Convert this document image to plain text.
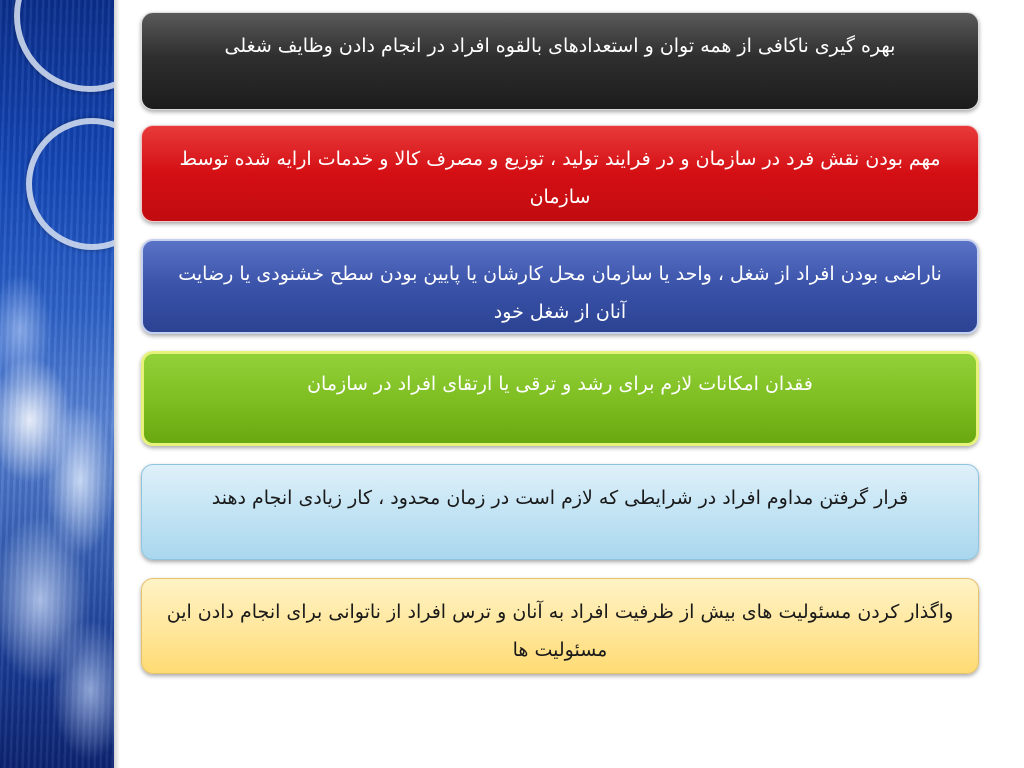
بهره گیری ناکافی از همه توان و استعدادهای بالقوه افراد در انجام دادن وظایف شغلی
مهم بودن نقش فرد در سازمان و در فرایند تولید ، توزیع و مصرف کالا و خدمات ارایه شده توسط سازمان
ناراضی بودن افراد از شغل ، واحد یا سازمان محل کارشان یا پایین بودن سطح خشنودی یا رضایت آنان از شغل خود
فقدان امکانات لازم برای رشد و ترقی یا ارتقای افراد در سازمان
قرار گرفتن مداوم افراد در شرایطی که لازم است در زمان محدود ، کار زیادی انجام دهند
واگذار کردن مسئولیت های بیش از ظرفیت افراد به آنان و ترس افراد از ناتوانی برای انجام دادن این مسئولیت ها
